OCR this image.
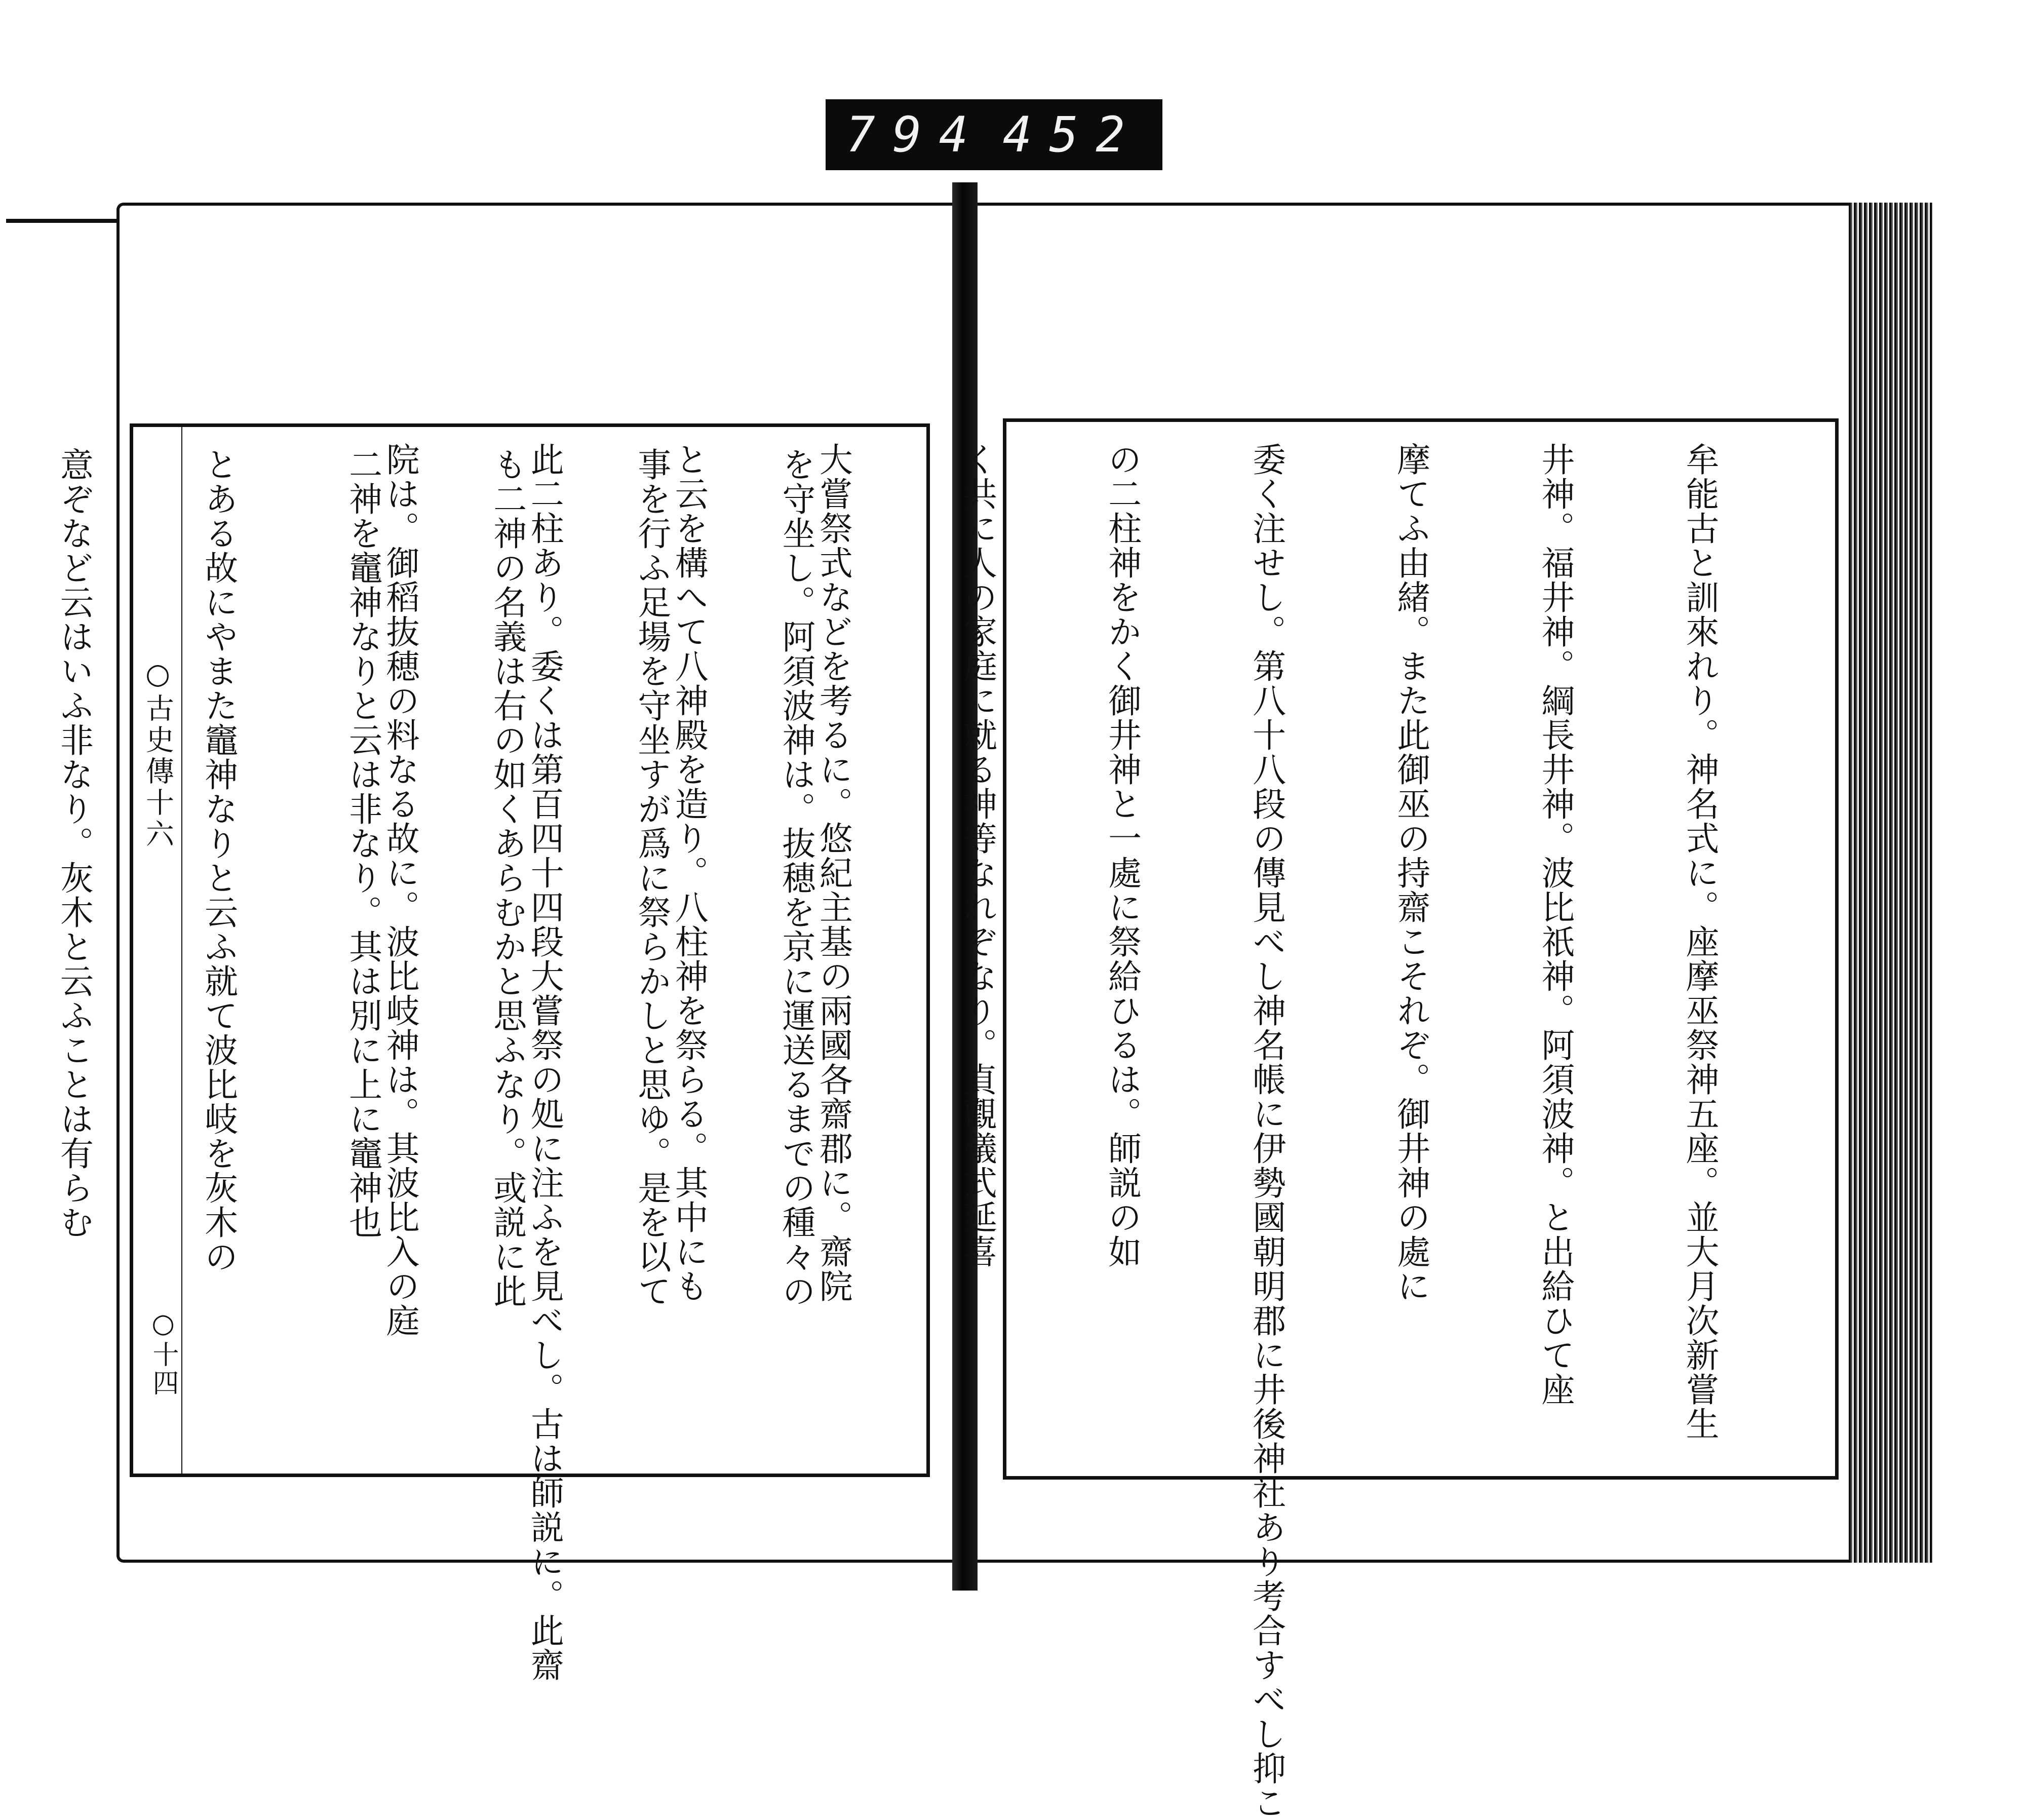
794 452
○古史傳十六
○十四

を守坐し。阿須波神は。抜穂を京に運送るまでの種々の

事を行ふ足場を守坐すが爲に祭らかしと思ゆ。是を以て

も二神の名義は右の如くあらむかと思ふなり。或説に此

二神を竈神なりと云は非なり。其は別に上に竈神也

とある故にやまた竈神なりと云ふ就て波比岐を灰木の

意ぞなど云はいふ非なり。灰木と云ふことは有らむ

	牟能古と訓來れり。神名式に。座摩巫祭神五座。並大月次新嘗生

井神。福井神。綱長井神。波比祇神。阿須波神。と出給ひて座

摩てふ由緒。また此御巫の持齋こそれぞ。御井神の處に

委く注せし。第八十八段の傳見べし神名帳に伊勢國朝明郡に井後神社あり考合すべし抑こ

の二柱神をかく御井神と一處に祭給ひるは。師説の如

く共に人の家庭に就る神等なれぞなり。貞觀儀式延喜

大嘗祭式などを考るに。悠紀主基の兩國各齋郡に。齋院

と云を構へて八神殿を造り。八柱神を祭らる。其中にも

此二柱あり。委くは第百四十四段大嘗祭の処に注ふを見べし。古は師説に。此齋

院は。御稻抜穂の料なる故に。波比岐神は。其波比入の庭
